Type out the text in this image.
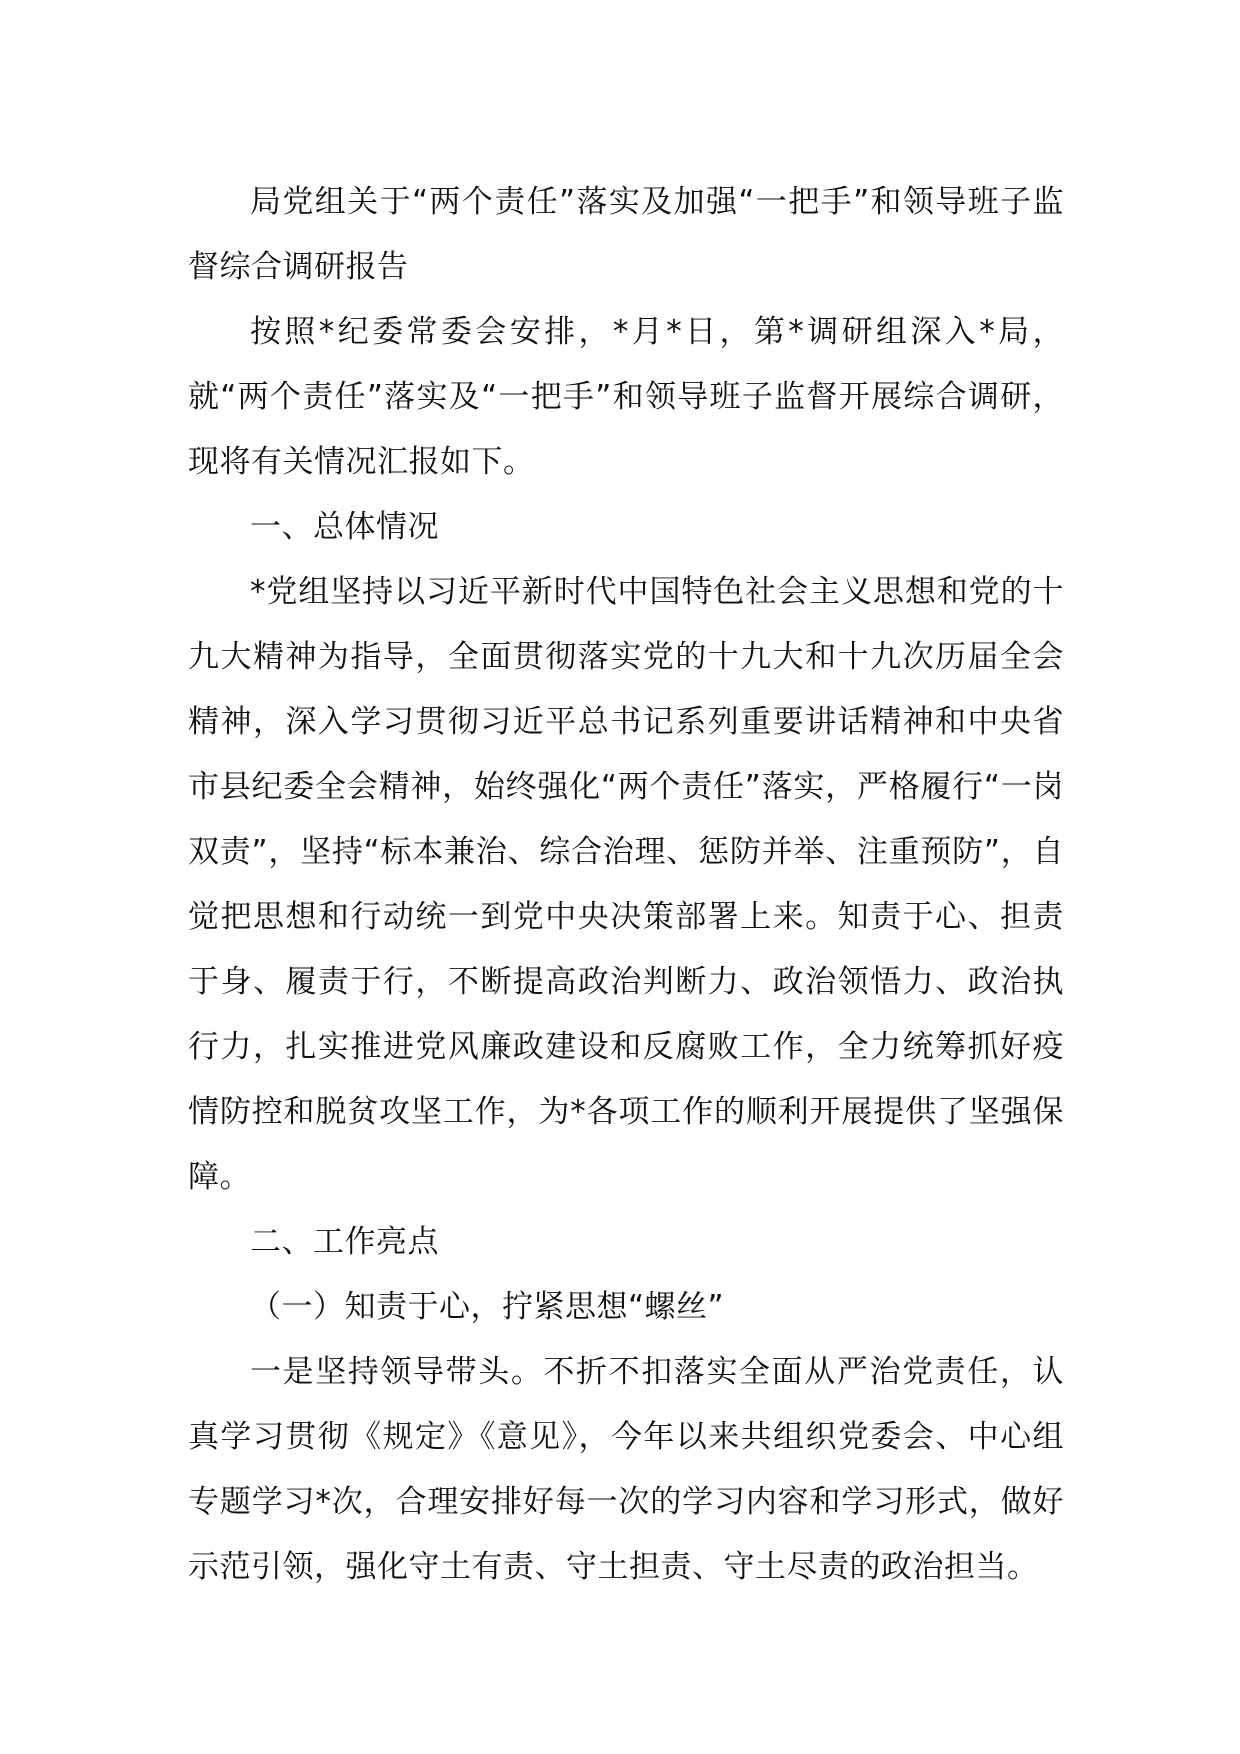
局党组关于“两个责任”落实及加强“一把手”和领导班子监督综合调研报告

按照*纪委常委会安排，*月*日，第*调研组深入*局，就“两个责任”落实及“一把手”和领导班子监督开展综合调研，现将有关情况汇报如下。

一、总体情况

*党组坚持以习近平新时代中国特色社会主义思想和党的十九大精神为指导，全面贯彻落实党的十九大和十九次历届全会精神，深入学习贯彻习近平总书记系列重要讲话精神和中央省市县纪委全会精神，始终强化“两个责任”落实，严格履行“一岗双责”，坚持“标本兼治、综合治理、惩防并举、注重预防”，自觉把思想和行动统一到党中央决策部署上来。知责于心、担责于身、履责于行，不断提高政治判断力、政治领悟力、政治执行力，扎实推进党风廉政建设和反腐败工作，全力统筹抓好疫情防控和脱贫攻坚工作，为*各项工作的顺利开展提供了坚强保障。

二、工作亮点

（一）知责于心，拧紧思想“螺丝”

一是坚持领导带头。不折不扣落实全面从严治党责任，认真学习贯彻《规定》《意见》，今年以来共组织党委会、中心组专题学习*次，合理安排好每一次的学习内容和学习形式，做好示范引领，强化守土有责、守土担责、守土尽责的政治担当。
